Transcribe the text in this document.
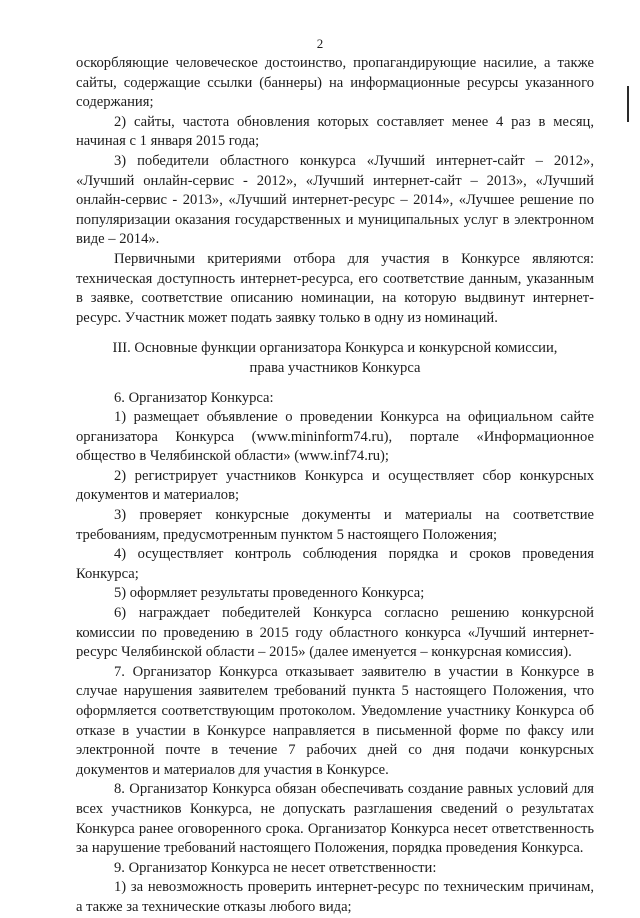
2

оскорбляющие человеческое достоинство, пропагандирующие насилие, а также сайты, содержащие ссылки (баннеры) на информационные ресурсы указанного содержания;

2) сайты, частота обновления которых составляет менее 4 раз в месяц, начиная с 1 января 2015 года;

3) победители областного конкурса «Лучший интернет-сайт – 2012», «Лучший онлайн-сервис - 2012», «Лучший интернет-сайт – 2013», «Лучший онлайн-сервис - 2013», «Лучший интернет-ресурс – 2014», «Лучшее решение по популяризации оказания государственных и муниципальных услуг в электронном виде – 2014».

Первичными критериями отбора для участия в Конкурсе являются: техническая доступность интернет-ресурса, его соответствие данным, указанным в заявке, соответствие описанию номинации, на которую выдвинут интернет-ресурс. Участник может подать заявку только в одну из номинаций.

III. Основные функции организатора Конкурса и конкурсной комиссии,

права участников Конкурса

6. Организатор Конкурса:

1) размещает объявление о проведении Конкурса на официальном сайте организатора Конкурса (www.mininform74.ru), портале «Информационное общество в Челябинской области» (www.inf74.ru);

2) регистрирует участников Конкурса и осуществляет сбор конкурсных документов и материалов;

3) проверяет конкурсные документы и материалы на соответствие требованиям, предусмотренным пунктом 5 настоящего Положения;

4) осуществляет контроль соблюдения порядка и сроков проведения Конкурса;

5) оформляет результаты проведенного Конкурса;

6) награждает победителей Конкурса согласно решению конкурсной комиссии по проведению в 2015 году областного конкурса «Лучший интернет-ресурс Челябинской области – 2015» (далее именуется – конкурсная комиссия).

7. Организатор Конкурса отказывает заявителю в участии в Конкурсе в случае нарушения заявителем требований пункта 5 настоящего Положения, что оформляется соответствующим протоколом. Уведомление участнику Конкурса об отказе в участии в Конкурсе направляется в письменной форме по факсу или электронной почте в течение 7 рабочих дней со дня подачи конкурсных документов и материалов для участия в Конкурсе.

8. Организатор Конкурса обязан обеспечивать создание равных условий для всех участников Конкурса, не допускать разглашения сведений о результатах Конкурса ранее оговоренного срока. Организатор Конкурса несет ответственность за нарушение требований настоящего Положения, порядка проведения Конкурса.

9. Организатор Конкурса не несет ответственности:

1) за невозможность проверить интернет-ресурс по техническим причинам, а также за технические отказы любого вида;
